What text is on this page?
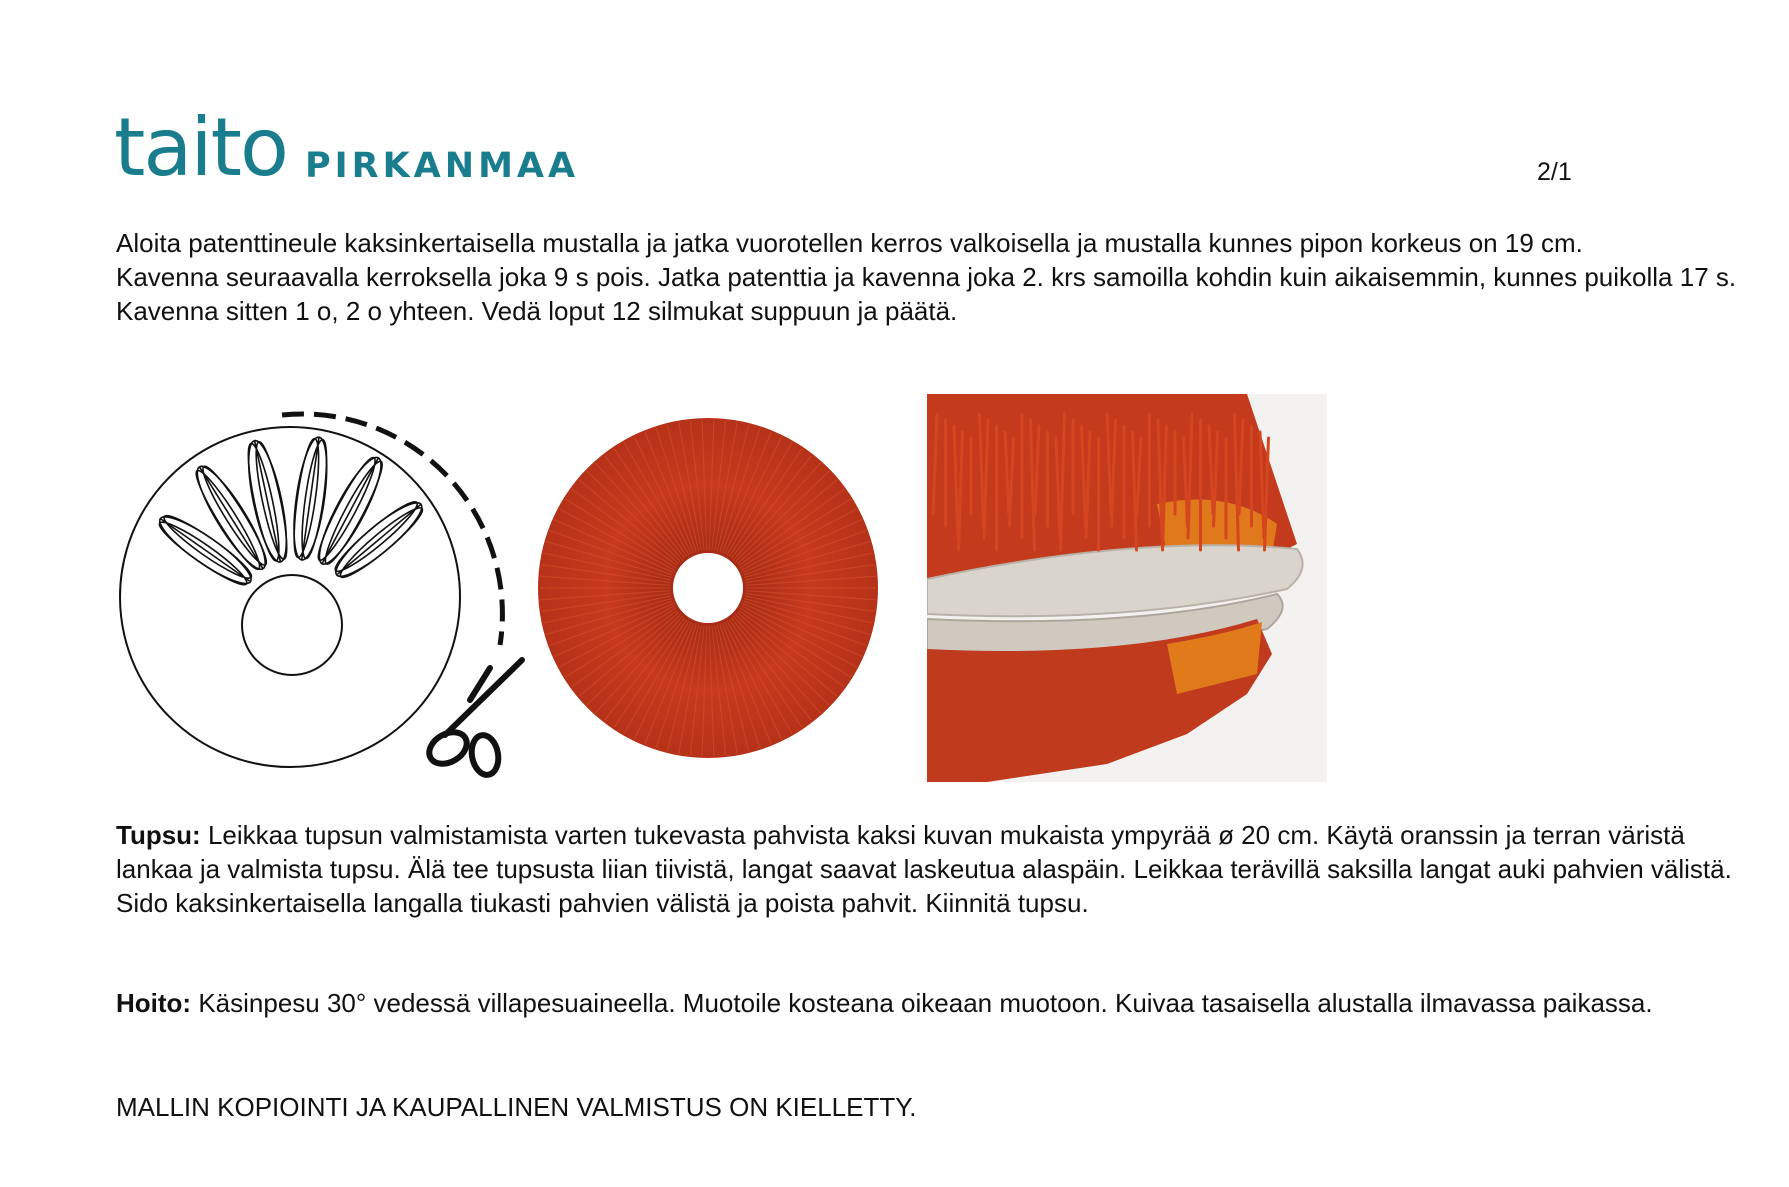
taito PIRKANMAA	2/1
Aloita patenttineule kaksinkertaisella mustalla ja jatka vuorotellen kerros valkoisella ja mustalla kunnes pipon korkeus on 19 cm.
Kavenna seuraavalla kerroksella joka 9 s pois. Jatka patenttia ja kavenna joka 2. krs samoilla kohdin kuin aikaisemmin, kunnes puikolla 17 s. Kavenna sitten 1 o, 2 o yhteen. Vedä loput 12 silmukat suppuun ja päätä.

Tupsu: Leikkaa tupsun valmistamista varten tukevasta pahvista kaksi kuvan mukaista ympyrää ø 20 cm. Käytä oranssin ja terran väristä lankaa ja valmista tupsu. Älä tee tupsusta liian tiivistä, langat saavat laskeutua alaspäin. Leikkaa terävillä saksilla langat auki pahvien välistä. Sido kaksinkertaisella langalla tiukasti pahvien välistä ja poista pahvit. Kiinnitä tupsu.

Hoito: Käsinpesu 30° vedessä villapesuaineella. Muotoile kosteana oikeaan muotoon. Kuivaa tasaisella alustalla ilmavassa paikassa.

MALLIN KOPIOINTI JA KAUPALLINEN VALMISTUS ON KIELLETTY.
